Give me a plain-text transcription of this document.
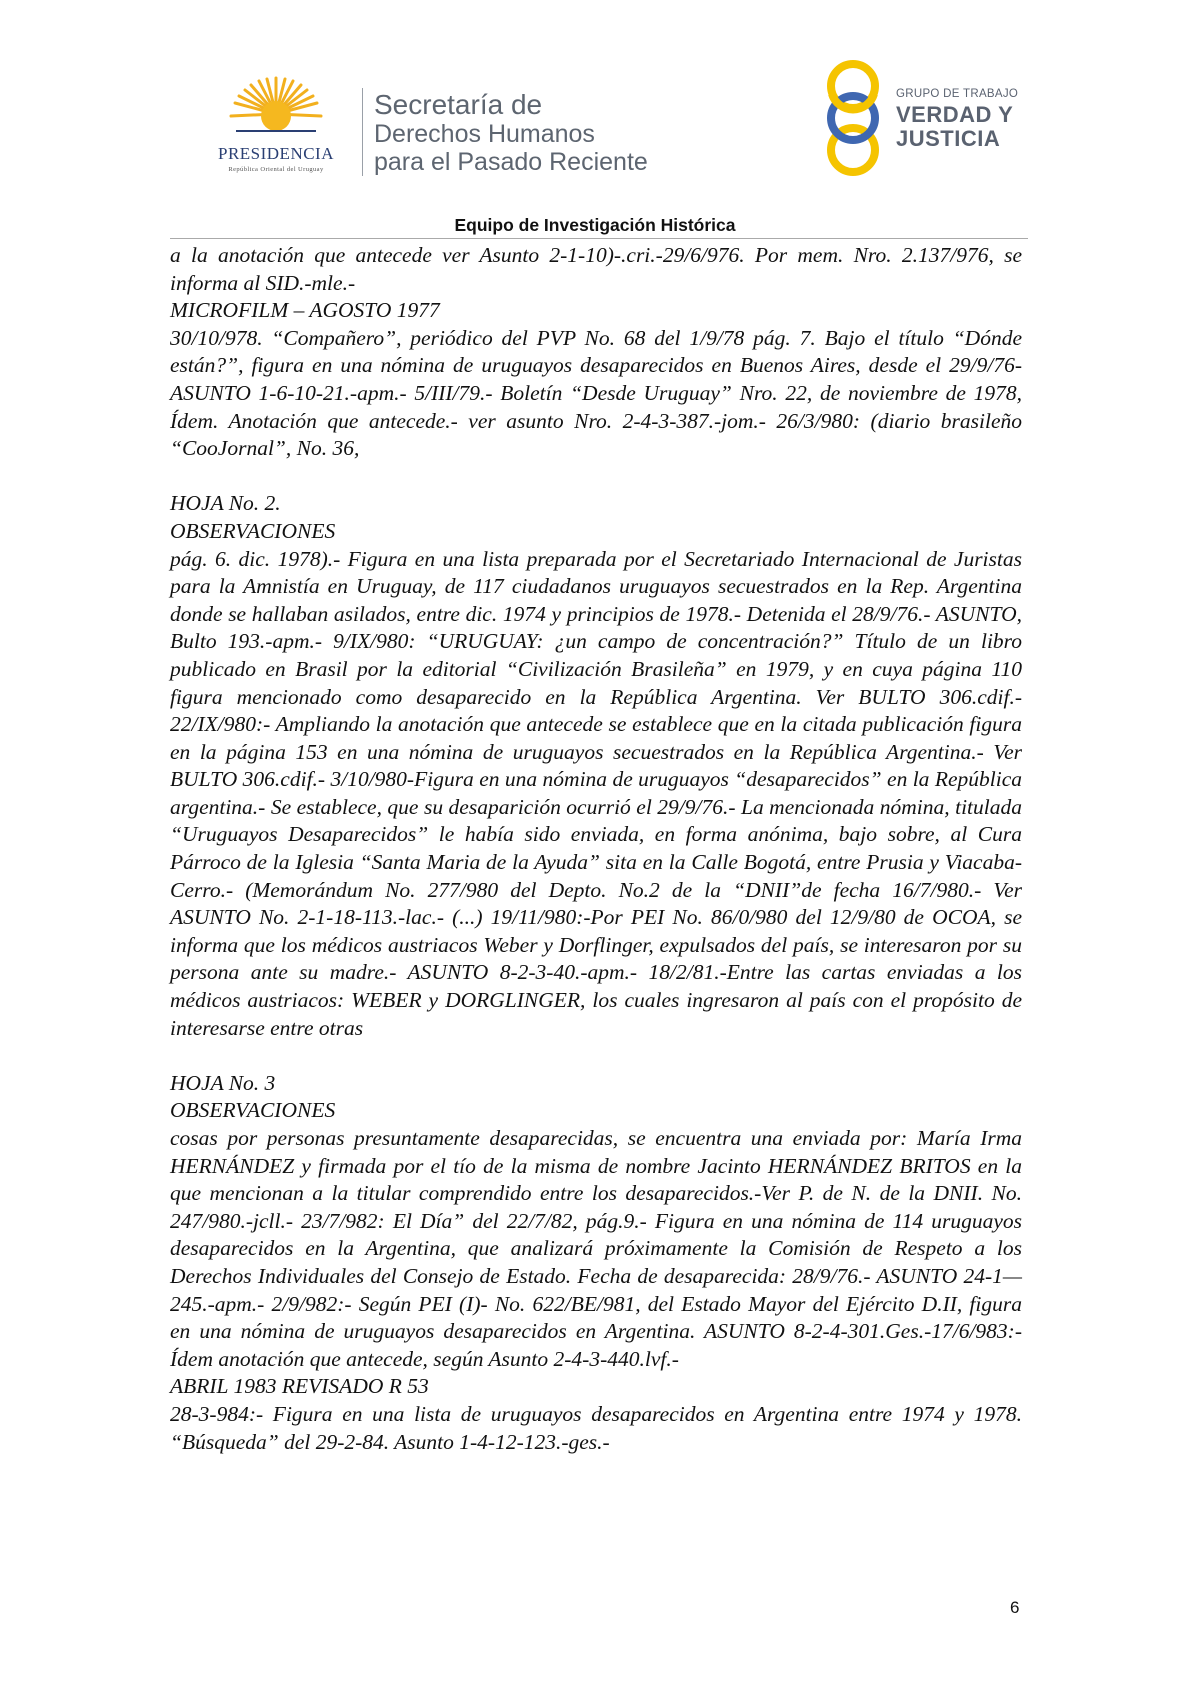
PRESIDENCIA
República Oriental del Uruguay
Secretaría de
Derechos Humanos
para el Pasado Reciente
GRUPO DE TRABAJO
VERDAD Y
JUSTICIA
Equipo de Investigación Histórica

a la anotación que antecede ver Asunto 2-1-10)-.cri.-29/6/976. Por mem. Nro. 2.137/976, se informa al SID.-mle.-

MICROFILM – AGOSTO 1977

30/10/978. “Compañero”, periódico del PVP No. 68 del 1/9/78 pág. 7. Bajo el título “Dónde están?”, figura en una nómina de uruguayos desaparecidos en Buenos Aires, desde el 29/9/76-ASUNTO 1-6-10-21.-apm.- 5/III/79.- Boletín “Desde Uruguay” Nro. 22, de noviembre de 1978, Ídem. Anotación que antecede.- ver asunto Nro. 2-4-3-387.-jom.- 26/3/980: (diario brasileño “CooJornal”, No. 36,

HOJA No. 2.

OBSERVACIONES

pág. 6. dic. 1978).- Figura en una lista preparada por el Secretariado Internacional de Juristas para la Amnistía en Uruguay, de 117 ciudadanos uruguayos secuestrados en la Rep. Argentina donde se hallaban asilados, entre dic. 1974 y principios de 1978.- Detenida el 28/9/76.- ASUNTO, Bulto 193.-apm.- 9/IX/980: “URUGUAY: ¿un campo de concentración?” Título de un libro publicado en Brasil por la editorial “Civilización Brasileña” en 1979, y en cuya página 110 figura mencionado como desaparecido en la República Argentina. Ver BULTO 306.cdif.- 22/IX/980:- Ampliando la anotación que antecede se establece que en la citada publicación figura en la página 153 en una nómina de uruguayos secuestrados en la República Argentina.- Ver BULTO 306.cdif.- 3/10/980-Figura en una nómina de uruguayos “desaparecidos” en la República argentina.- Se establece, que su desaparición ocurrió el 29/9/76.- La mencionada nómina, titulada “Uruguayos Desaparecidos” le había sido enviada, en forma anónima, bajo sobre, al Cura Párroco de la Iglesia “Santa Maria de la Ayuda” sita en la Calle Bogotá, entre Prusia y Viacaba- Cerro.- (Memorándum No. 277/980 del Depto. No.2 de la “DNII”de fecha 16/7/980.- Ver ASUNTO No. 2-1-18-113.-lac.- (...) 19/11/980:-Por PEI No. 86/0/980 del 12/9/80 de OCOA, se informa que los médicos austriacos Weber y Dorflinger, expulsados del país, se interesaron por su persona ante su madre.- ASUNTO 8-2-3-40.-apm.- 18/2/81.-Entre las cartas enviadas a los médicos austriacos: WEBER y DORGLINGER, los cuales ingresaron al país con el propósito de interesarse entre otras

HOJA No. 3

OBSERVACIONES

cosas por personas presuntamente desaparecidas, se encuentra una enviada por: María Irma HERNÁNDEZ y firmada por el tío de la misma de nombre Jacinto HERNÁNDEZ BRITOS en la que mencionan a la titular comprendido entre los desaparecidos.-Ver P. de N. de la DNII. No. 247/980.-jcll.- 23/7/982: El Día” del 22/7/82, pág.9.- Figura en una nómina de 114 uruguayos desaparecidos en la Argentina, que analizará próximamente la Comisión de Respeto a los Derechos Individuales del Consejo de Estado. Fecha de desaparecida: 28/9/76.- ASUNTO 24-1—245.-apm.- 2/9/982:- Según PEI (I)- No. 622/BE/981, del Estado Mayor del Ejército D.II, figura en una nómina de uruguayos desaparecidos en Argentina. ASUNTO 8-2-4-301.Ges.-17/6/983:- Ídem anotación que antecede, según Asunto 2-4-3-440.lvf.-

ABRIL 1983 REVISADO R 53

28-3-984:- Figura en una lista de uruguayos desaparecidos en Argentina entre 1974 y 1978. “Búsqueda” del 29-2-84. Asunto 1-4-12-123.-ges.-

6
